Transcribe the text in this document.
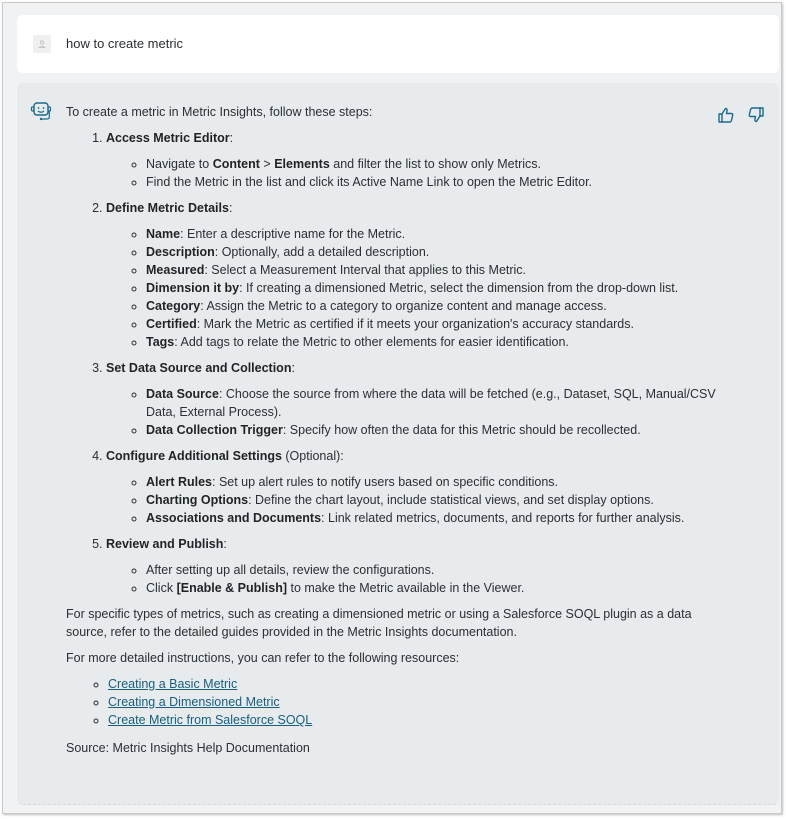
how to create metric

To create a metric in Metric Insights, follow these steps:

1. Access Metric Editor:
◦ Navigate to Content > Elements and filter the list to show only Metrics.
◦ Find the Metric in the list and click its Active Name Link to open the Metric Editor.
2. Define Metric Details:
◦ Name: Enter a descriptive name for the Metric.
◦ Description: Optionally, add a detailed description.
◦ Measured: Select a Measurement Interval that applies to this Metric.
◦ Dimension it by: If creating a dimensioned Metric, select the dimension from the drop-down list.
◦ Category: Assign the Metric to a category to organize content and manage access.
◦ Certified: Mark the Metric as certified if it meets your organization's accuracy standards.
◦ Tags: Add tags to relate the Metric to other elements for easier identification.
3. Set Data Source and Collection:
◦ Data Source: Choose the source from where the data will be fetched (e.g., Dataset, SQL, Manual/CSV Data, External Process).
◦ Data Collection Trigger: Specify how often the data for this Metric should be recollected.
4. Configure Additional Settings (Optional):
◦ Alert Rules: Set up alert rules to notify users based on specific conditions.
◦ Charting Options: Define the chart layout, include statistical views, and set display options.
◦ Associations and Documents: Link related metrics, documents, and reports for further analysis.
5. Review and Publish:
◦ After setting up all details, review the configurations.
◦ Click [Enable & Publish] to make the Metric available in the Viewer.

For specific types of metrics, such as creating a dimensioned metric or using a Salesforce SOQL plugin as a data source, refer to the detailed guides provided in the Metric Insights documentation.

For more detailed instructions, you can refer to the following resources:

◦ Creating a Basic Metric
◦ Creating a Dimensioned Metric
◦ Create Metric from Salesforce SOQL

Source: Metric Insights Help Documentation
